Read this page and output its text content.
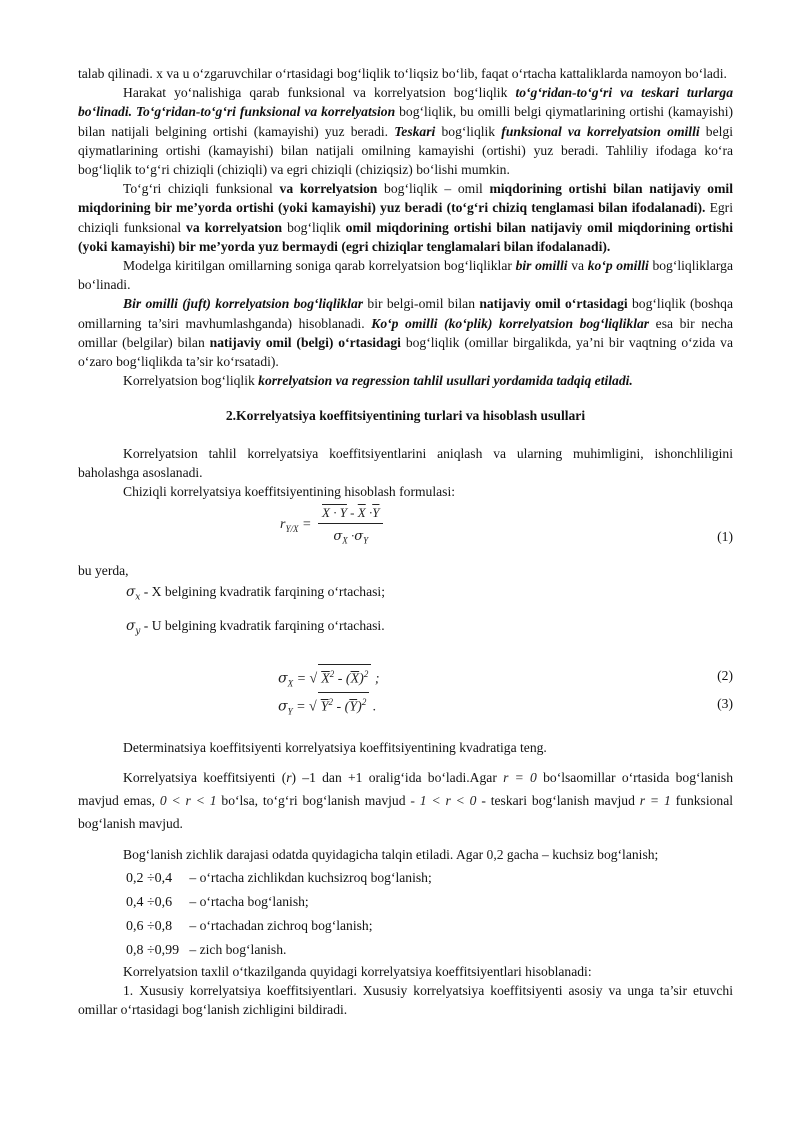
talab qilinadi. x va u o‘zgaruvchilar o‘rtasidagi bog‘liqlik to‘liqsiz bo‘lib, faqat o‘rtacha kattaliklarda namoyon bo‘ladi.

Harakat yo‘nalishiga qarab funksional va korrelyatsion bog‘liqlik to‘g‘ridan-to‘g‘ri va teskari turlarga bo‘linadi. To‘g‘ridan-to‘g‘ri funksional va korrelyatsion bog‘liqlik, bu omilli belgi qiymatlarining ortishi (kamayishi) bilan natijali belgining ortishi (kamayishi) yuz beradi. Teskari bog‘liqlik funksional va korrelyatsion omilli belgi qiymatlarining ortishi (kamayishi) bilan natijali omilning kamayishi (ortishi) yuz beradi. Tahliliy ifodaga ko‘ra bog‘liqlik to‘g‘ri chiziqli (chiziqli) va egri chiziqli (chiziqsiz) bo‘lishi mumkin.

To‘g‘ri chiziqli funksional va korrelyatsion bog‘liqlik – omil miqdorining ortishi bilan natijaviy omil miqdorining bir me’yorda ortishi (yoki kamayishi) yuz beradi (to‘g‘ri chiziq tenglamasi bilan ifodalanadi). Egri chiziqli funksional va korrelyatsion bog‘liqlik omil miqdorining ortishi bilan natijaviy omil miqdorining ortishi (yoki kamayishi) bir me’yorda yuz bermaydi (egri chiziqlar tenglamalari bilan ifodalanadi).

Modelga kiritilgan omillarning soniga qarab korrelyatsion bog‘liqliklar bir omilli va ko‘p omilli bog‘liqliklarga bo‘linadi.

Bir omilli (juft) korrelyatsion bog‘liqliklar bir belgi-omil bilan natijaviy omil o‘rtasidagi bog‘liqlik (boshqa omillarning ta’siri mavhumlashganda) hisoblanadi. Ko‘p omilli (ko‘plik) korrelyatsion bog‘liqliklar esa bir necha omillar (belgilar) bilan natijaviy omil (belgi) o‘rtasidagi bog‘liqlik (omillar birgalikda, ya’ni bir vaqtning o‘zida va o‘zaro bog‘liqlikda ta’sir ko‘rsatadi).

Korrelyatsion bog‘liqlik korrelyatsion va regression tahlil usullari yordamida tadqiq etiladi.

2.Korrelyatsiya koeffitsiyentining turlari va hisoblash usullari

Korrelyatsion tahlil korrelyatsiya koeffitsiyentlarini aniqlash va ularning muhimligini, ishonchliligini baholashga asoslanadi.

Chiziqli korrelyatsiya koeffitsiyentining hisoblash formulasi:

$r_{Y/X} = \frac{X \cdot Y - \overline{X} \cdot\overline{Y}}{\sigma_X \cdot\sigma_Y}$	(1)

bu yerda,

$\sigma_x$ - X belgining kvadratik farqining o‘rtachasi;

$\sigma_y$ - U belgining kvadratik farqining o‘rtachasi.

$\sigma_X$ = √ $X^2 - (\overline{X})^2$ ;	(2)
$\sigma_Y$ = √ $Y^2 - (\overline{Y})^2$ .	(3)

Determinatsiya koeffitsiyenti korrelyatsiya koeffitsiyentining kvadratiga teng.

Korrelyatsiya koeffitsiyenti (r) –1 dan +1 oralig‘ida bo‘ladi.Agar r = 0 bo‘lsaomillar o‘rtasida bog‘lanish mavjud emas, 0 < r < 1 bo‘lsa, to‘g‘ri bog‘lanish mavjud - 1 < r < 0 - teskari bog‘lanish mavjud r = 1 funksional bog‘lanish mavjud.

Bog‘lanish zichlik darajasi odatda quyidagicha talqin etiladi. Agar 0,2 gacha – kuchsiz bog‘lanish;

0,2 ÷0,4 – o‘rtacha zichlikdan kuchsizroq bog‘lanish;
0,4 ÷0,6 – o‘rtacha bog‘lanish;
0,6 ÷0,8 – o‘rtachadan zichroq bog‘lanish;
0,8 ÷0,99 – zich bog‘lanish.

Korrelyatsion taxlil o‘tkazilganda quyidagi korrelyatsiya koeffitsiyentlari hisoblanadi:

1. Xususiy korrelyatsiya koeffitsiyentlari. Xususiy korrelyatsiya koeffitsiyenti asosiy va unga ta’sir etuvchi omillar o‘rtasidagi bog‘lanish zichligini bildiradi.
